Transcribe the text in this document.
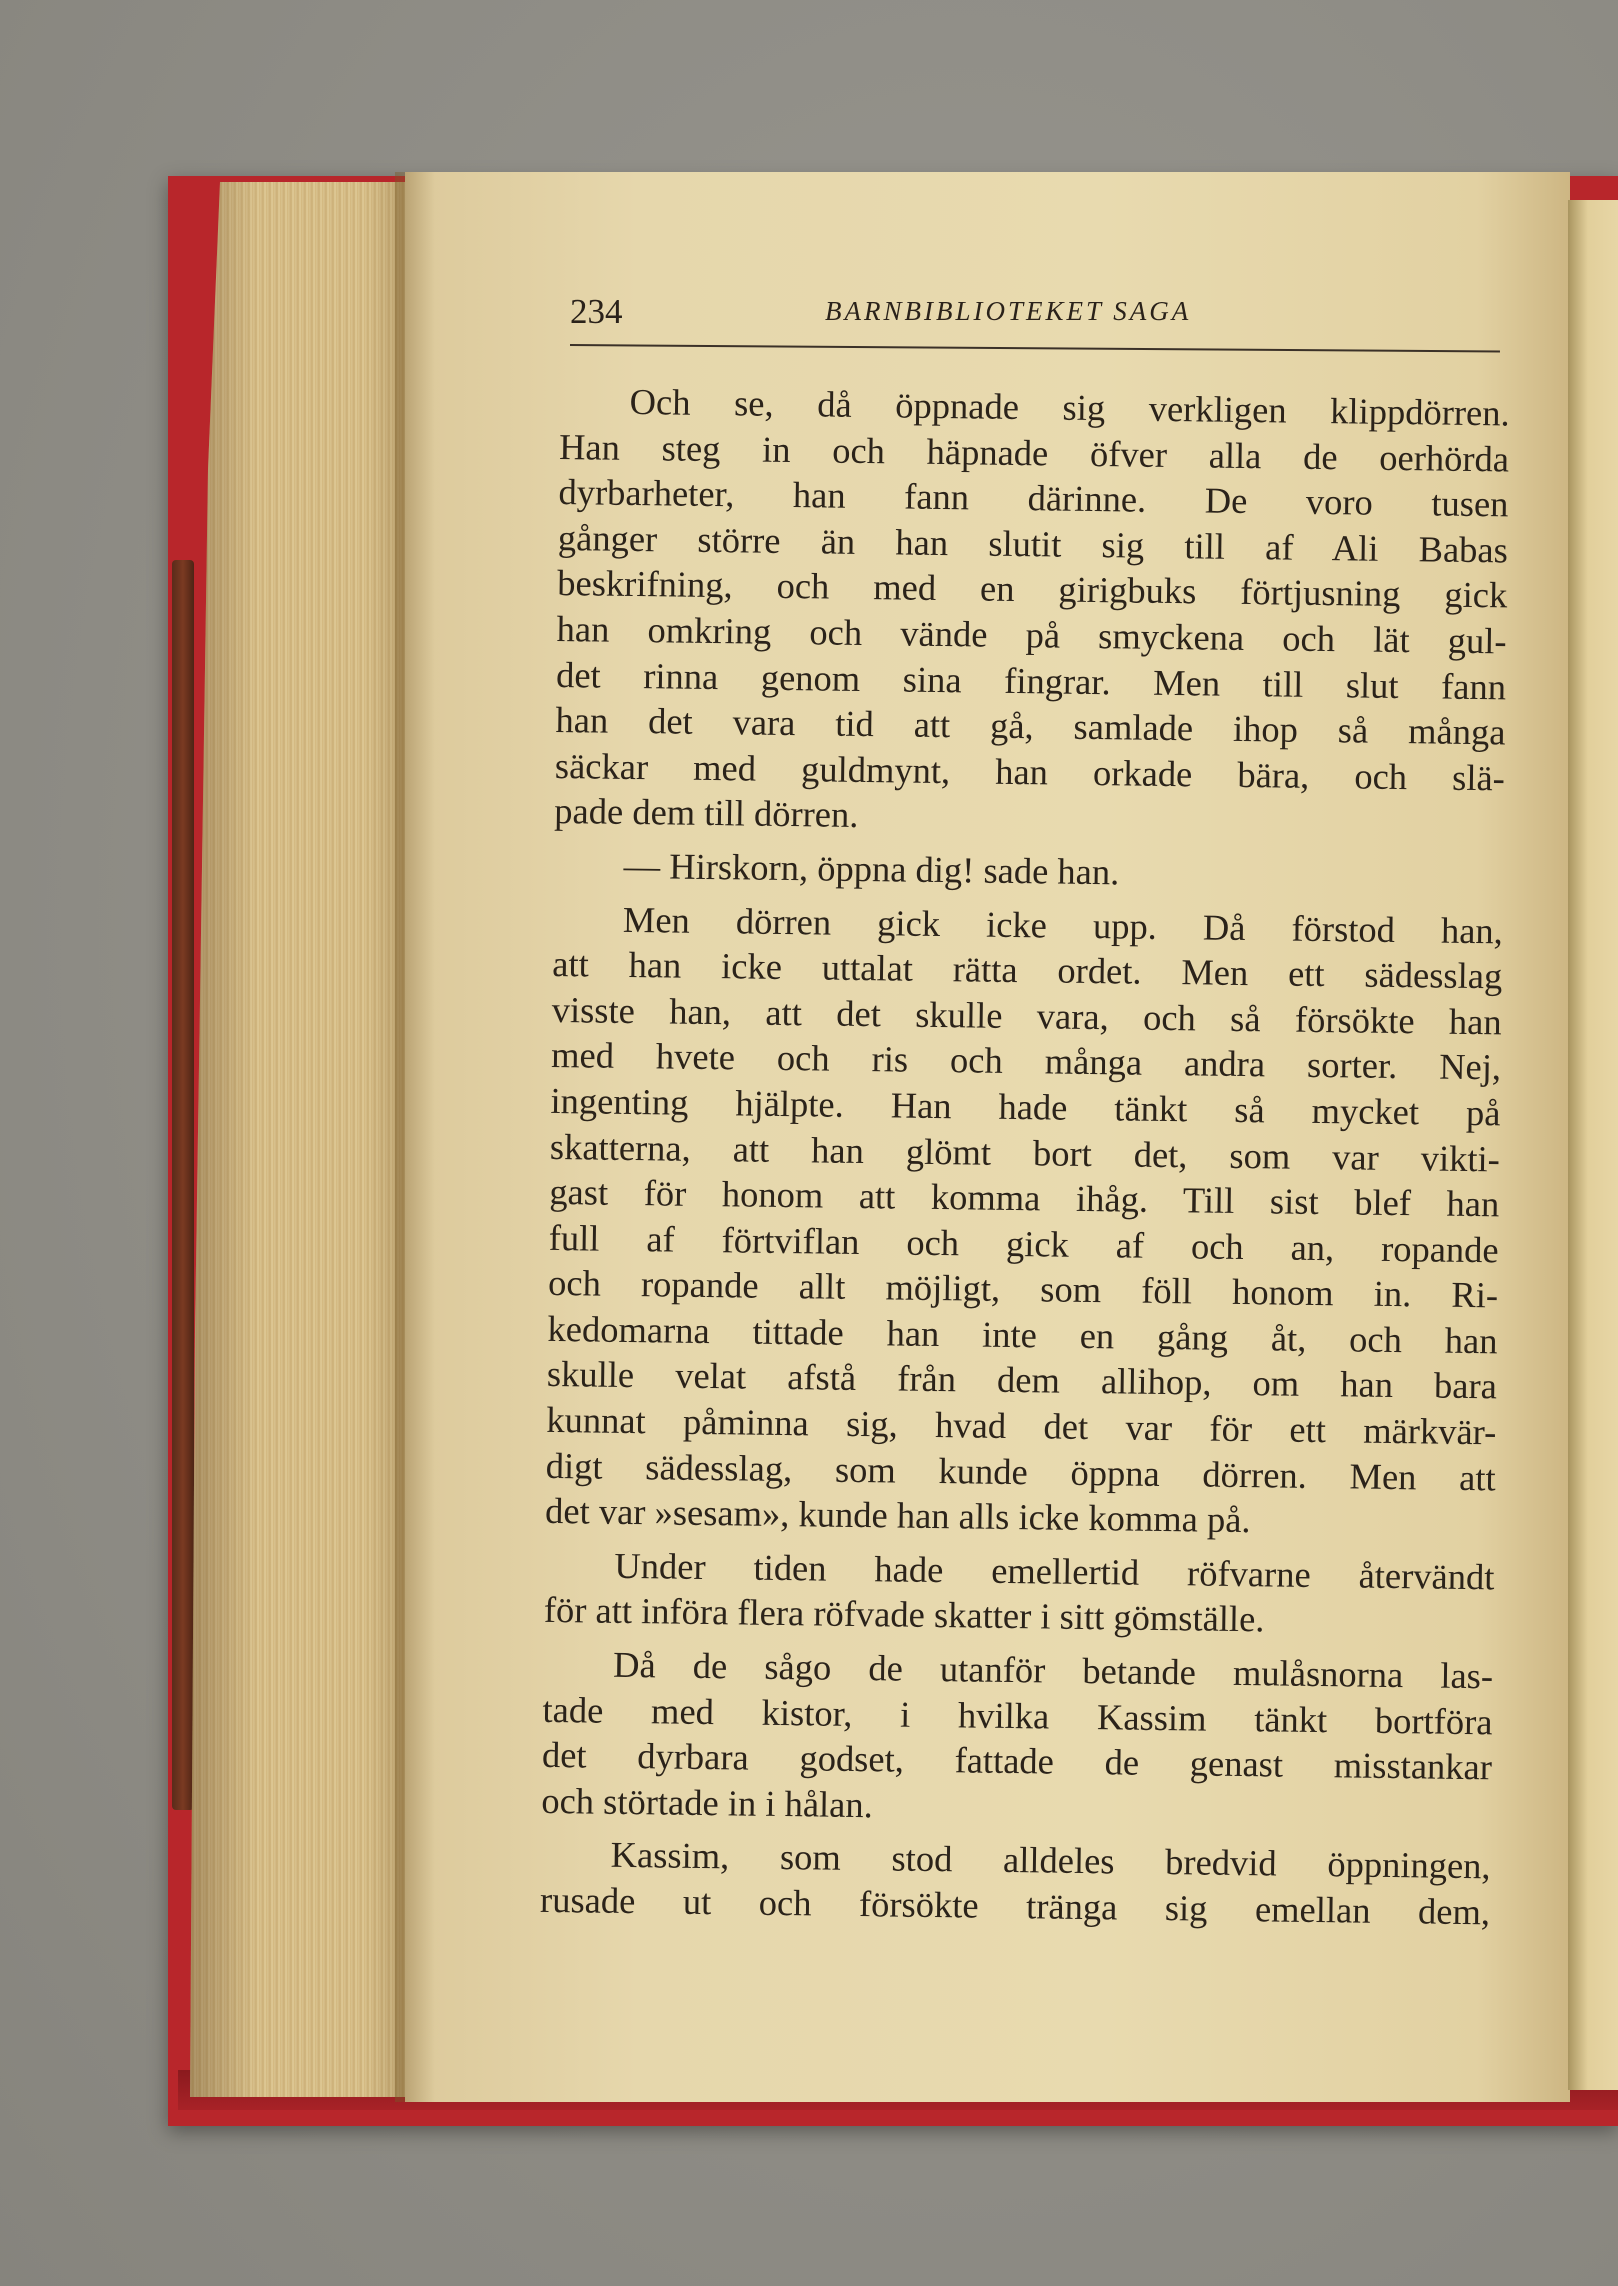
234	BARNBIBLIOTEKET SAGA

Och se, då öppnade sig verkligen klippdörren.

Han steg in och häpnade öfver alla de oerhörda

dyrbarheter, han fann därinne. De voro tusen

gånger större än han slutit sig till af Ali Babas

beskrifning, och med en girigbuks förtjusning gick

han omkring och vände på smyckena och lät gul-

det rinna genom sina fingrar. Men till slut fann

han det vara tid att gå, samlade ihop så många

säckar med guldmynt, han orkade bära, och slä-

pade dem till dörren.

— Hirskorn, öppna dig! sade han.

Men dörren gick icke upp. Då förstod han,

att han icke uttalat rätta ordet. Men ett sädesslag

visste han, att det skulle vara, och så försökte han

med hvete och ris och många andra sorter. Nej,

ingenting hjälpte. Han hade tänkt så mycket på

skatterna, att han glömt bort det, som var vikti-

gast för honom att komma ihåg. Till sist blef han

full af förtviflan och gick af och an, ropande

och ropande allt möjligt, som föll honom in. Ri-

kedomarna tittade han inte en gång åt, och han

skulle velat afstå från dem allihop, om han bara

kunnat påminna sig, hvad det var för ett märkvär-

digt sädesslag, som kunde öppna dörren. Men att

det var »sesam», kunde han alls icke komma på.

Under tiden hade emellertid röfvarne återvändt

för att införa flera röfvade skatter i sitt gömställe.

Då de sågo de utanför betande mulåsnorna las-

tade med kistor, i hvilka Kassim tänkt bortföra

det dyrbara godset, fattade de genast misstankar

och störtade in i hålan.

Kassim, som stod alldeles bredvid öppningen,

rusade ut och försökte tränga sig emellan dem,
